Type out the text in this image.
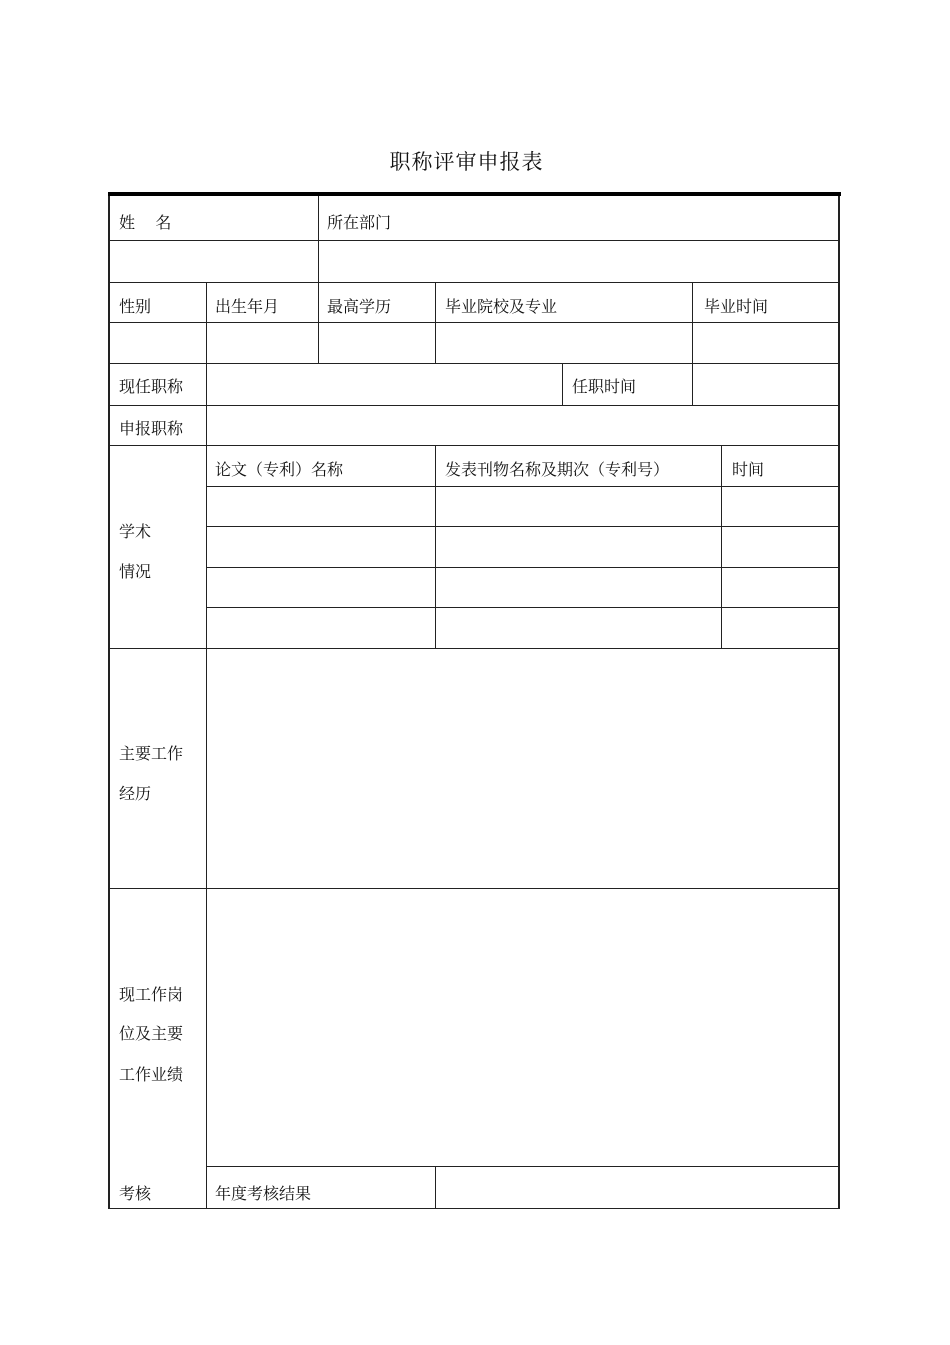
职称评审申报表
姓    名	所在部门
性别	出生年月	最高学历	毕业院校及专业	毕业时间
现任职称	任职时间
申报职称
论文（专利）名称	发表刊物名称及期次（专利号）	时间
学术
情况
主要工作
经历
现工作岗
位及主要
工作业绩
考核	年度考核结果
